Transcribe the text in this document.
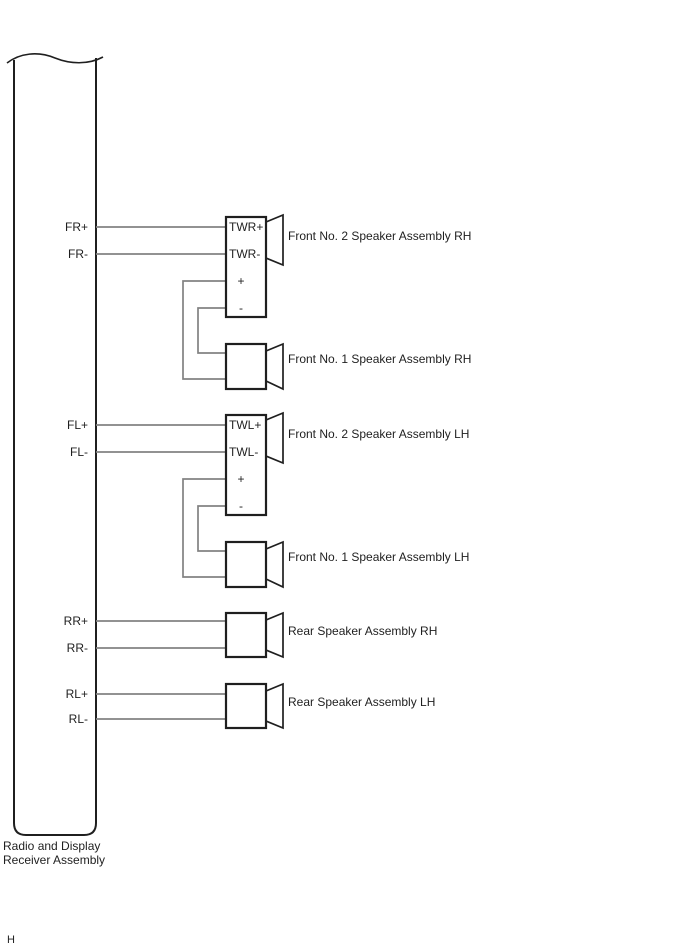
FR+
FR-
FL+
FL-
RR+
RR-
RL+
RL-
Radio and Display
Receiver Assembly
TWR+
TWR-
+
-
Front No. 2 Speaker Assembly RH
Front No. 1 Speaker Assembly RH
TWL+
TWL-
+
-
Front No. 2 Speaker Assembly LH
Front No. 1 Speaker Assembly LH
Rear Speaker Assembly RH
Rear Speaker Assembly LH
H
